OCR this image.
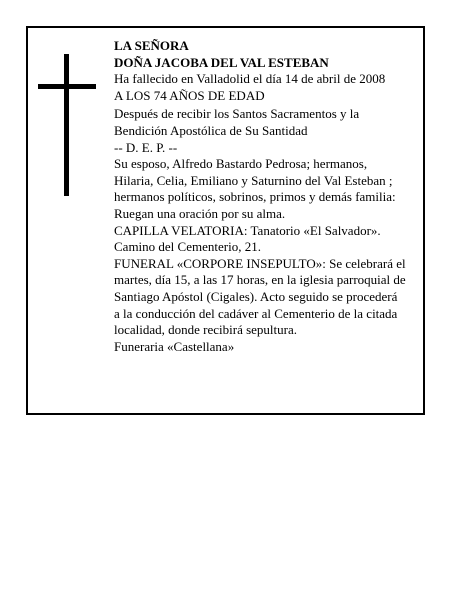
LA SEÑORA
DOÑA JACOBA DEL VAL ESTEBAN
Ha fallecido en Valladolid el día 14 de abril de 2008
A LOS 74 AÑOS DE EDAD
Después de recibir los Santos Sacramentos y la
Bendición Apostólica de Su Santidad
-- D. E. P. --
Su esposo, Alfredo Bastardo Pedrosa; hermanos,
Hilaria, Celia, Emiliano y Saturnino del Val Esteban ;
hermanos políticos, sobrinos, primos y demás familia:
Ruegan una oración por su alma.
CAPILLA VELATORIA: Tanatorio «El Salvador».
Camino del Cementerio, 21.
FUNERAL «CORPORE INSEPULTO»: Se celebrará el
martes, día 15, a las 17 horas, en la iglesia parroquial de
Santiago Apóstol (Cigales). Acto seguido se procederá
a la conducción del cadáver al Cementerio de la citada
localidad, donde recibirá sepultura.
Funeraria «Castellana»
